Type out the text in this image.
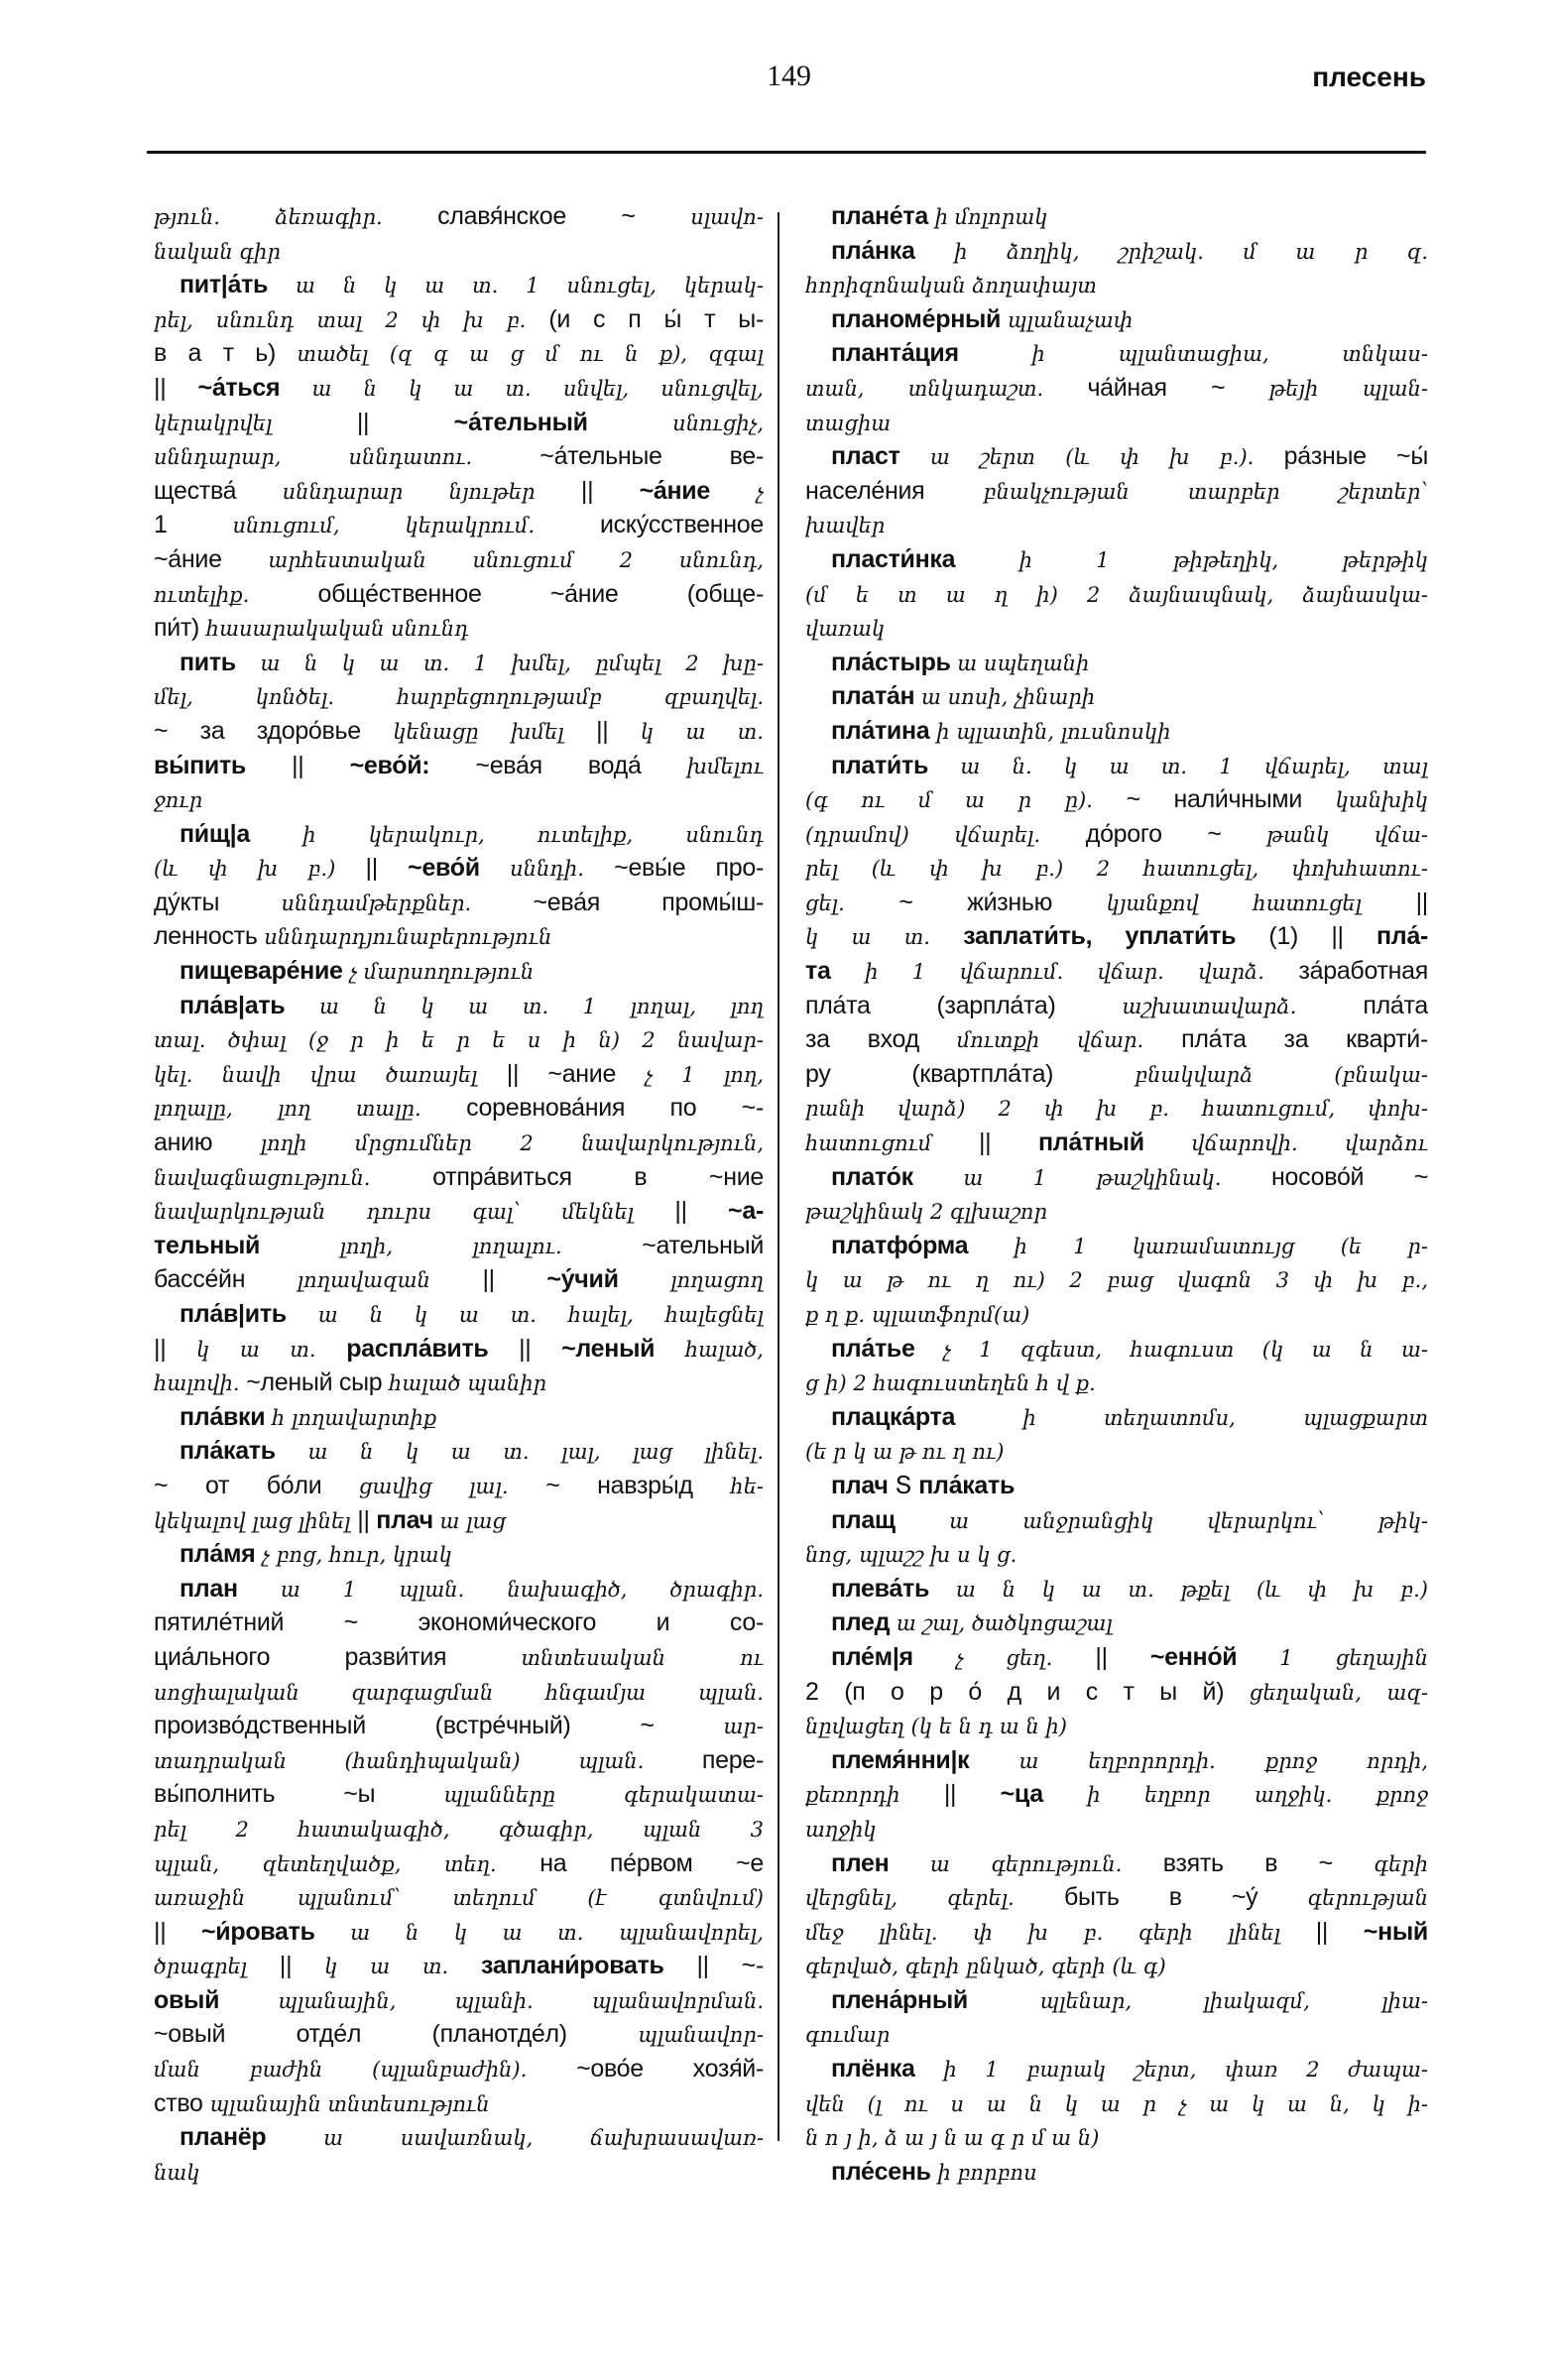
149	плесень
թյուն. ձեռագիր. славя́нское ~ սլավո-
նական գիր
пит|а́ть ա ն կ ա տ. 1 սնուցել, կերակ-
րել, սնունդ տալ 2 փ խ բ. (и с п ы́ т ы-
в а т ь) տածել (զ գ ա ց մ ու ն ք), զգալ
|| ~а́ться ա ն կ ա տ. սնվել, սնուցվել,
կերակրվել || ~а́тельный սնուցիչ,
սննդարար, սննդատու. ~а́тельные ве-
щества́ սննդարար նյութեր || ~а́ние չ
1 սնուցում, կերակրում. иску́сственное
~а́ние արհեստական սնուցում 2 սնունդ,
ուտելիք. обще́ственное ~а́ние (обще-
пи́т) հասարակական սնունդ
пить ա ն կ ա տ. 1 խմել, ըմպել 2 խը-
մել, կոնծել. հարբեցողությամբ զբաղվել.
~ за здоро́вье կենացը խմել || կ ա տ.
вы́пить || ~ево́й: ~ева́я вода́ խմելու
ջուր
пи́щ|а ի կերակուր, ուտելիք, սնունդ
(և փ խ բ.) || ~ево́й սննդի. ~евы́е про-
ду́кты սննդամթերքներ. ~ева́я промы́ш-
ленность սննդարդյունաբերություն
пищеваре́ние չ մարսողություն
пла́в|ать ա ն կ ա տ. 1 լողալ, լող
տալ. ծփալ (ջ ր ի ե ր ե ս ի ն) 2 նավար-
կել. նավի վրա ծառայել || ~ание չ 1 լող,
լողալը, լող տալը. соревнова́ния по ~-
анию լողի մրցումներ 2 նավարկություն,
նավագնացություն. отпра́виться в ~ние
նավարկության դուրս գալ՝ մեկնել || ~а-
тельный լողի, լողալու. ~ательный
бассе́йн լողավազան || ~у́чий լողացող
пла́в|ить ա ն կ ա տ. հալել, հալեցնել
|| կ ա տ. распла́вить || ~леный հալած,
հալովի. ~леный сыр հալած պանիր
пла́вки հ լողավարտիք
пла́кать ա ն կ ա տ. լալ, լաց լինել.
~ от бо́ли ցավից լալ. ~ навзры́д հե-
կեկալով լաց լինել || плач ա լաց
пла́мя չ բոց, հուր, կրակ
план ա 1 պլան. նախագիծ, ծրագիր.
пятиле́тний ~ экономи́ческого и со-
циа́льного разви́тия տնտեսական ու
սոցիալական զարգացման հնգամյա պլան.
произво́дственный (встре́чный) ~ ար-
տադրական (հանդիպական) պլան. пере-
вы́полнить ~ы պլանները գերակատա-
րել 2 հատակագիծ, գծագիր, պլան 3
պլան, զետեղվածք, տեղ. на пе́рвом ~е
առաջին պլանում՝ տեղում (է գտնվում)
|| ~и́ровать ա ն կ ա տ. պլանավորել,
ծրագրել || կ ա տ. заплани́ровать || ~-
овый պլանային, պլանի. պլանավորման.
~овый отде́л (планотде́л) պլանավոր-
ման բաժին (պլանբաժին). ~ово́е хозя́й-
ство պլանային տնտեսություն
планёр ա սավառնակ, ճախրասավառ-
նակ
плане́та ի մոլորակ
пла́нка ի ձողիկ, շրիշակ. մ ա ր զ.
հորիզոնական ձողափայտ
планоме́рный պլանաչափ
планта́ция ի պլանտացիա, տնկաս-
տան, տնկադաշտ. ча́йная ~ թեյի պլան-
տացիա
пласт ա շերտ (և փ խ բ.). ра́зные ~ы́
населе́ния բնակչության տարբեր շերտեր՝
խավեր
пласти́нка ի 1 թիթեղիկ, թերթիկ
(մ ե տ ա ղ ի) 2 ձայնապնակ, ձայնասկա-
վառակ
пла́стырь ա սպեղանի
плата́н ա սոսի, չինարի
пла́тина ի պլատին, լուսնոսկի
плати́ть ա ն. կ ա տ. 1 վճարել, տալ
(գ ու մ ա ր ը). ~ нали́чными կանխիկ
(դրամով) վճարել. до́рого ~ թանկ վճա-
րել (և փ խ բ.) 2 հատուցել, փոխհատու-
ցել. ~ жи́знью կյանքով հատուցել ||
կ ա տ. заплати́ть, уплати́ть (1) || пла́-
та ի 1 վճարում. վճար. վարձ. за́работная
пла́та (зарпла́та) աշխատավարձ. пла́та
за вход մուտքի վճար. пла́та за кварти́-
ру (квартпла́та) բնակվարձ (բնակա-
րանի վարձ) 2 փ խ բ. հատուցում, փոխ-
հատուցում || пла́тный վճարովի. վարձու
плато́к ա 1 թաշկինակ. носово́й ~
թաշկինակ 2 գլխաշոր
платфо́рма ի 1 կառամատույց (ե ր-
կ ա թ ու ղ ու) 2 բաց վագոն 3 փ խ բ.,
ք ղ ք. պլատֆորմ(ա)
пла́тье չ 1 զգեստ, հագուստ (կ ա ն ա-
ց ի) 2 հագուստեղեն հ վ ք.
плацка́рта ի տեղատոմս, պլացքարտ
(ե ր կ ա թ ու ղ ու)
плач Տ пла́кать
плащ ա անջրանցիկ վերարկու՝ թիկ-
նոց, պլաշշ խ ս կ ց.
плева́ть ա ն կ ա տ. թքել (և փ խ բ.)
плед ա շալ, ծածկոցաշալ
пле́м|я չ ցեղ. || ~енно́й 1 ցեղային
2 (п о р о́ д и с т ы й) ցեղական, ազ-
նըվացեղ (կ ե ն դ ա ն ի)
племя́нни|к ա եղբորորդի. քրոջ որդի,
քեռորդի || ~ца ի եղբոր աղջիկ. քրոջ
աղջիկ
плен ա գերություն. взять в ~ գերի
վերցնել, գերել. быть в ~у́ գերության
մեջ լինել. փ խ բ. գերի լինել || ~ный
գերված, գերի ընկած, գերի (և գ)
плена́рный պլենար, լիակազմ, լիա-
գումար
плёнка ի 1 բարակ շերտ, փառ 2 ժապա-
վեն (լ ու ս ա ն կ ա ր չ ա կ ա ն, կ ի-
ն ո յ ի, ձ ա յ ն ա գ ր մ ա ն)
пле́сень ի բորբոս
